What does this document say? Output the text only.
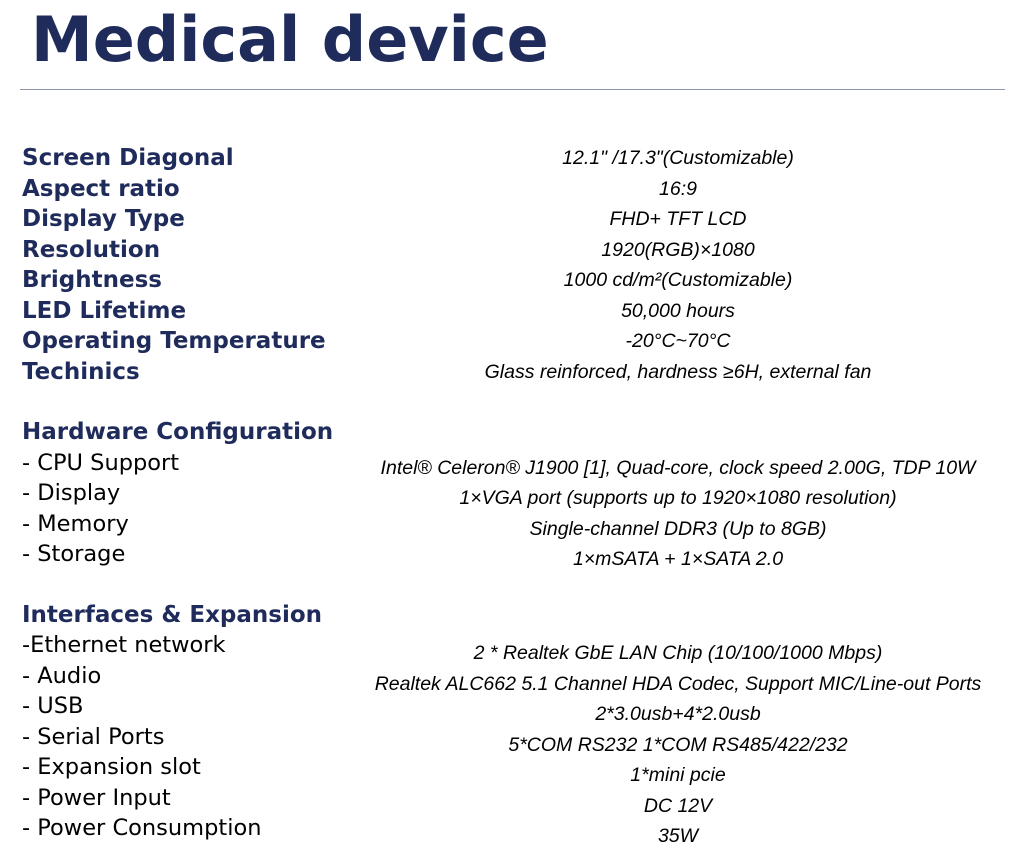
Medical device
Screen Diagonal	12.1" /17.3"(Customizable)
Aspect ratio	16:9
Display Type	FHD+ TFT LCD
Resolution	1920(RGB)×1080
Brightness	1000 cd/m²(Customizable)
LED Lifetime	50,000 hours
Operating Temperature	-20°C~70°C
Techinics	Glass reinforced, hardness ≥6H, external fan
Hardware Configuration
- CPU Support	Intel® Celeron® J1900 [1], Quad-core, clock speed 2.00G, TDP 10W
- Display	1×VGA port (supports up to 1920×1080 resolution)
- Memory	Single-channel DDR3 (Up to 8GB)
- Storage	1×mSATA + 1×SATA 2.0
Interfaces & Expansion
-Ethernet network	2 * Realtek GbE LAN Chip (10/100/1000 Mbps)
- Audio	Realtek ALC662 5.1 Channel HDA Codec, Support MIC/Line-out Ports
- USB	2*3.0usb+4*2.0usb
- Serial Ports	5*COM RS232 1*COM RS485/422/232
- Expansion slot	1*mini pcie
- Power Input	DC 12V
- Power Consumption	35W
